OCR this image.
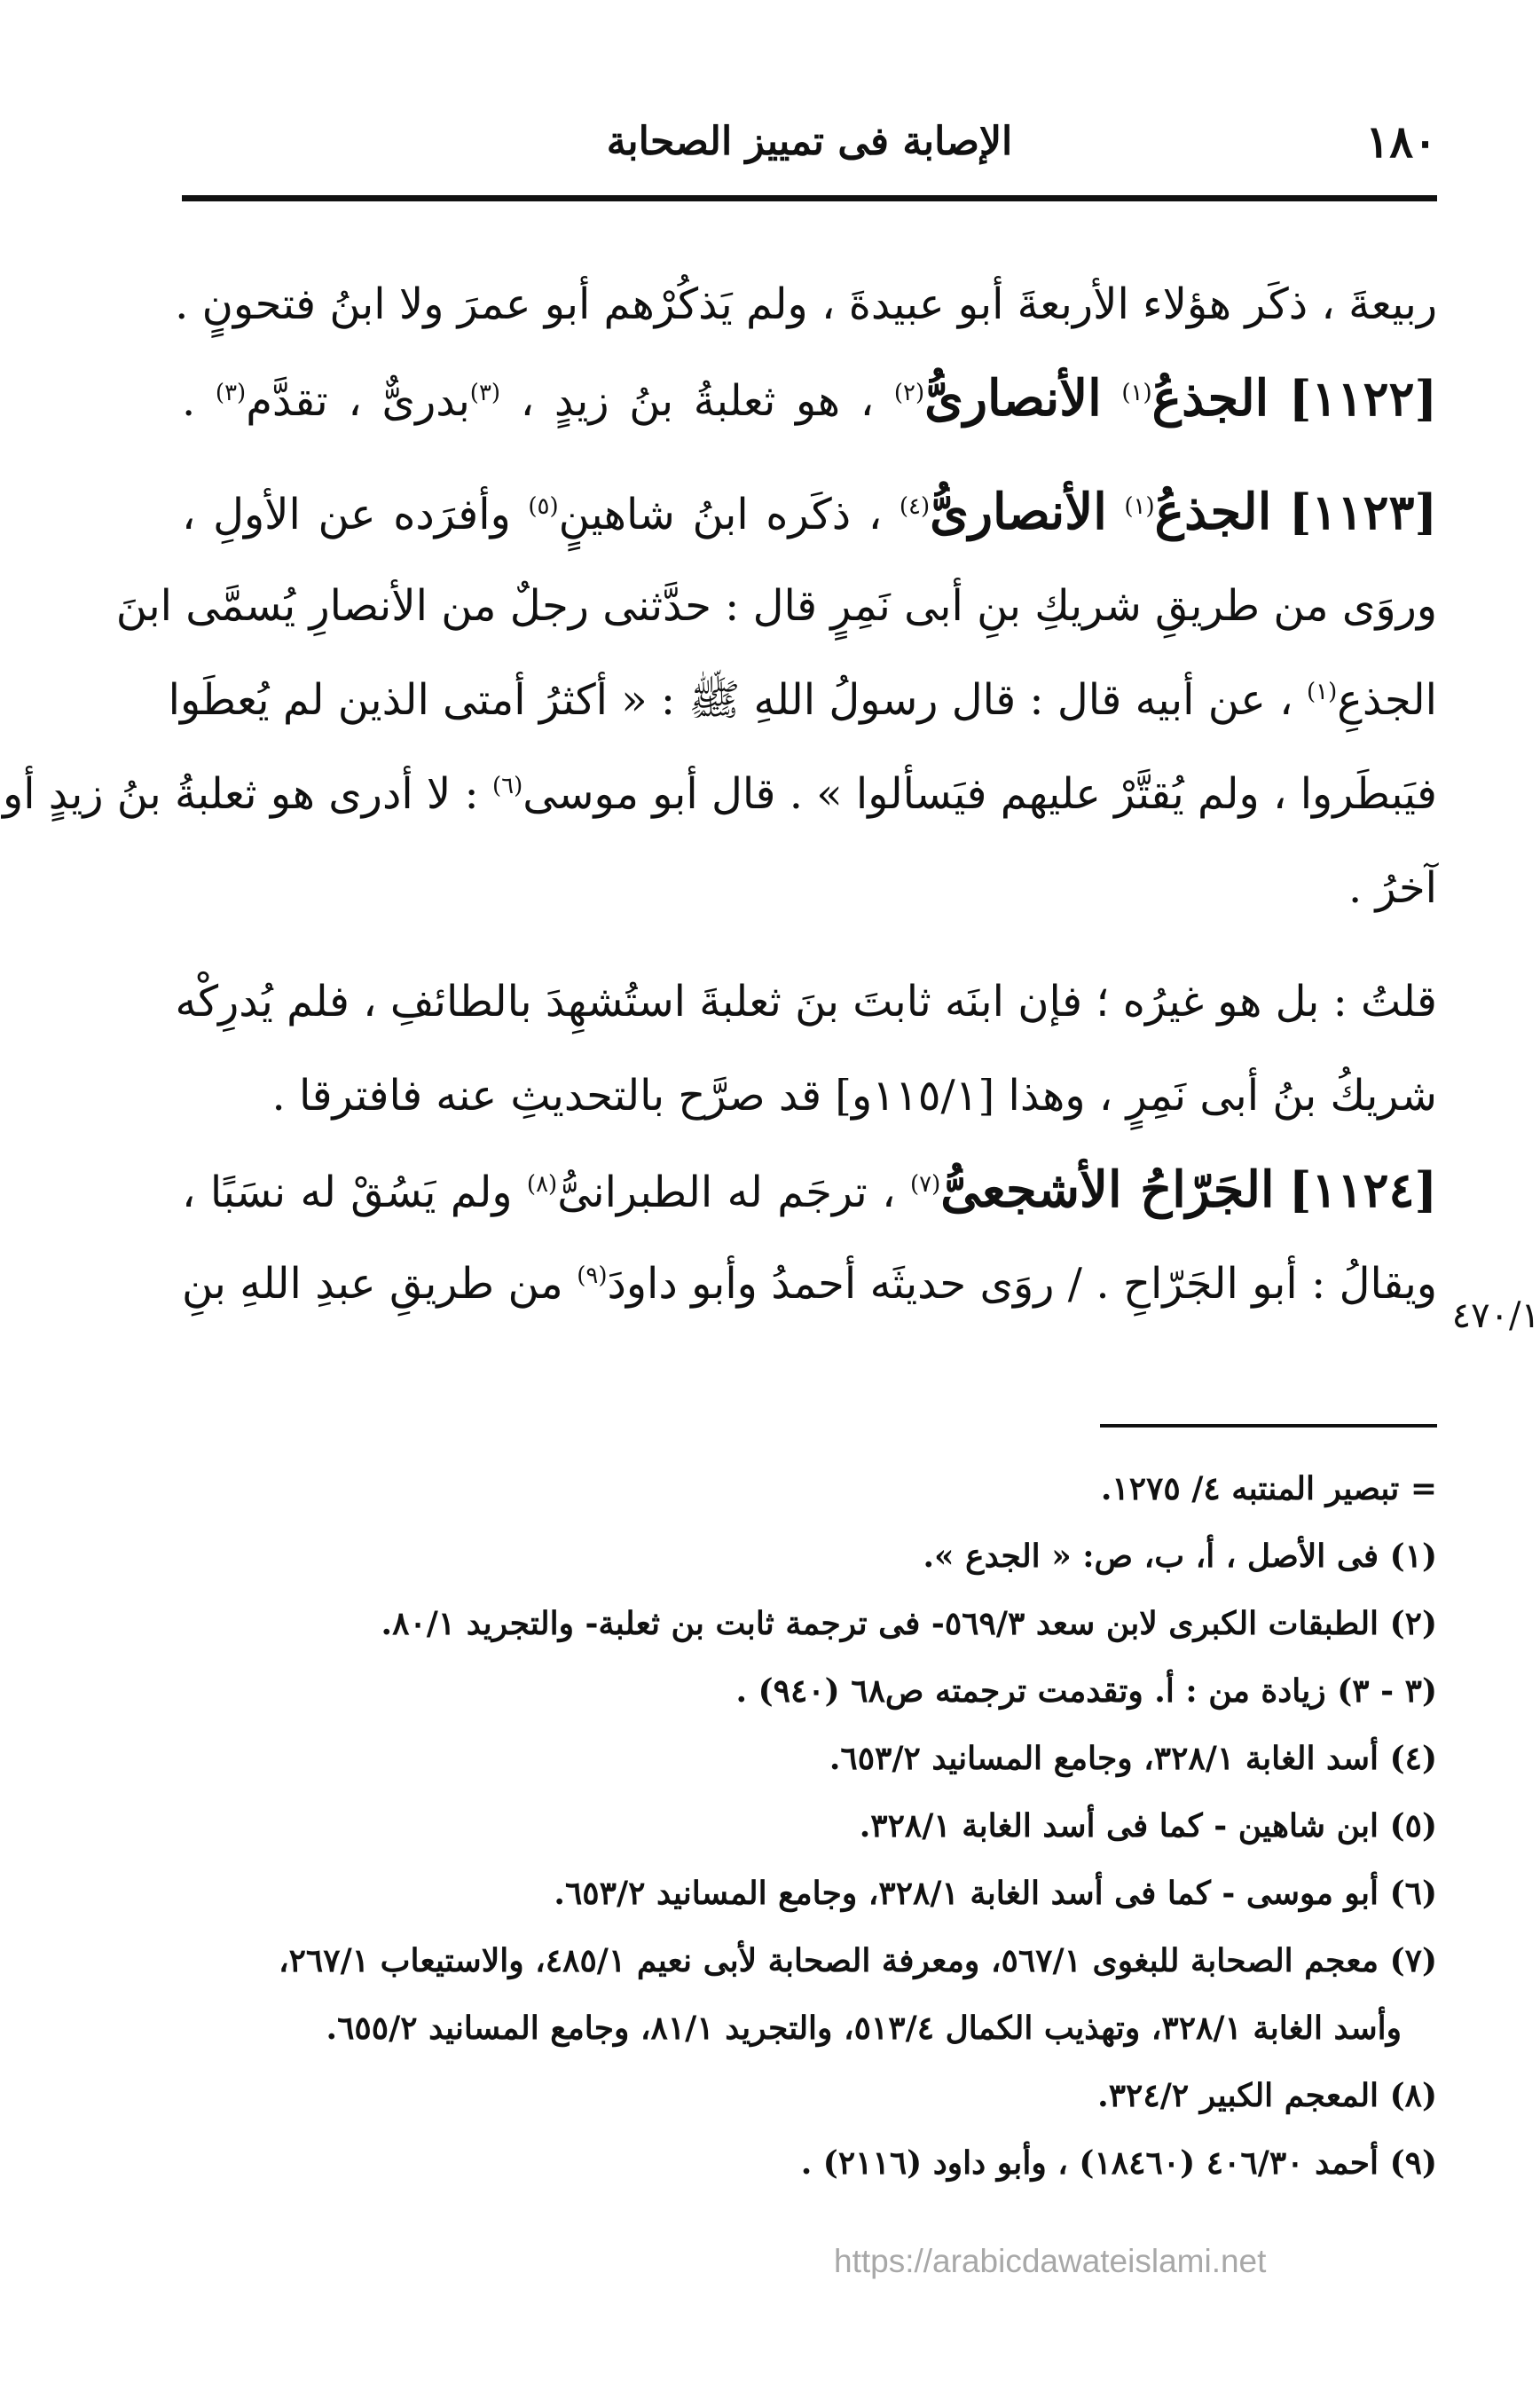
١٨٠
الإصابة فى تمييز الصحابة
ربيعةَ ، ذكَر هؤلاء الأربعةَ أبو عبيدةَ ، ولم يَذكُرْهم أبو عمرَ ولا ابنُ فتحونٍ .
[١١٢٢] الجذعُ$^{(١)}$ الأنصارىُّ$^{(٢)}$ ، هو ثعلبةُ بنُ زيدٍ ، $^{(٣)}$بدرىٌّ ، تقدَّم$^{(٣)}$ .
[١١٢٣] الجذعُ$^{(١)}$ الأنصارىُّ$^{(٤)}$ ، ذكَره ابنُ شاهينٍ$^{(٥)}$ وأفرَده عن الأولِ ،
وروَى من طريقِ شريكِ بنِ أبى نَمِرٍ قال : حدَّثنى رجلٌ من الأنصارِ يُسمَّى ابنَ
الجذعِ$^{(١)}$ ، عن أبيه قال : قال رسولُ اللهِ ﷺ : « أكثرُ أمتى الذين لم يُعطَوا
فيَبطَروا ، ولم يُقتَّرْ عليهم فيَسألوا » . قال أبو موسى$^{(٦)}$ : لا أدرى هو ثعلبةُ بنُ زيدٍ أو
آخرُ .
قلتُ : بل هو غيرُه ؛ فإن ابنَه ثابتَ بنَ ثعلبةَ استُشهِدَ بالطائفِ ، فلم يُدرِكْه
شريكُ بنُ أبى نَمِرٍ ، وهذا [١١٥/١و] قد صرَّح بالتحديثِ عنه فافترقا .
[١١٢٤] الجَرّاحُ الأشجعىُّ$^{(٧)}$ ، ترجَم له الطبرانىُّ$^{(٨)}$ ولم يَسُقْ له نسَبًا ،
ويقالُ : أبو الجَرّاحِ . / روَى حديثَه أحمدُ وأبو داودَ$^{(٩)}$ من طريقِ عبدِ اللهِ بنِ
٤٧٠/١
= تبصير المنتبه ٤/ ١٢٧٥.
(١) فى الأصل ، أ، ب، ص: « الجدع ».
(٢) الطبقات الكبرى لابن سعد ٥٦٩/٣- فى ترجمة ثابت بن ثعلبة- والتجريد ٨٠/١.
(٣ - ٣) زيادة من : أ. وتقدمت ترجمته ص٦٨ (٩٤٠) .
(٤) أسد الغابة ٣٢٨/١، وجامع المسانيد ٦٥٣/٢.
(٥) ابن شاهين - كما فى أسد الغابة ٣٢٨/١.
(٦) أبو موسى - كما فى أسد الغابة ٣٢٨/١، وجامع المسانيد ٦٥٣/٢.
(٧) معجم الصحابة للبغوى ٥٦٧/١، ومعرفة الصحابة لأبى نعيم ٤٨٥/١، والاستيعاب ٢٦٧/١،
وأسد الغابة ٣٢٨/١، وتهذيب الكمال ٥١٣/٤، والتجريد ٨١/١، وجامع المسانيد ٦٥٥/٢.
(٨) المعجم الكبير ٣٢٤/٢.
(٩) أحمد ٤٠٦/٣٠ (١٨٤٦٠) ، وأبو داود (٢١١٦) .
https://arabicdawateislami.net
